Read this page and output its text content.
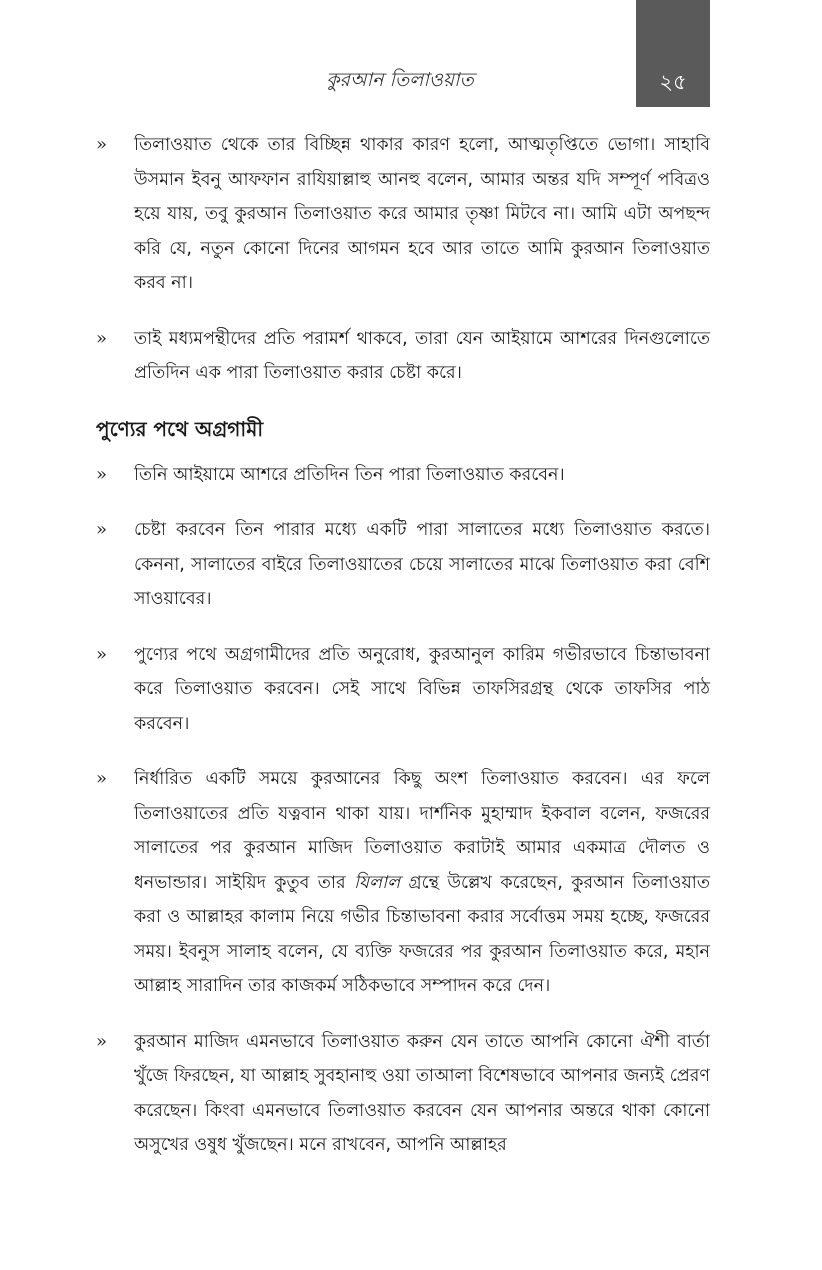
কুরআন তিলাওয়াত	২৫
»	তিলাওয়াত থেকে তার বিচ্ছিন্ন থাকার কারণ হলো, আত্মতৃপ্তিতে ভোগা। সাহাবি উসমান ইবনু আফফান রাযিয়াল্লাহু আনহু বলেন, আমার অন্তর যদি সম্পূর্ণ পবিত্রও হয়ে যায়, তবু কুরআন তিলাওয়াত করে আমার তৃষ্ণা মিটবে না। আমি এটা অপছন্দ করি যে, নতুন কোনো দিনের আগমন হবে আর তাতে আমি কুরআন তিলাওয়াত করব না।
»	তাই মধ্যমপন্থীদের প্রতি পরামর্শ থাকবে, তারা যেন আইয়ামে আশরের দিনগুলোতে প্রতিদিন এক পারা তিলাওয়াত করার চেষ্টা করে।
পুণ্যের পথে অগ্রগামী
»	তিনি আইয়ামে আশরে প্রতিদিন তিন পারা তিলাওয়াত করবেন।
»	চেষ্টা করবেন তিন পারার মধ্যে একটি পারা সালাতের মধ্যে তিলাওয়াত করতে। কেননা, সালাতের বাইরে তিলাওয়াতের চেয়ে সালাতের মাঝে তিলাওয়াত করা বেশি সাওয়াবের।
»	পুণ্যের পথে অগ্রগামীদের প্রতি অনুরোধ, কুরআনুল কারিম গভীরভাবে চিন্তাভাবনা করে তিলাওয়াত করবেন। সেই সাথে বিভিন্ন তাফসিরগ্রন্থ থেকে তাফসির পাঠ করবেন।
»	নির্ধারিত একটি সময়ে কুরআনের কিছু অংশ তিলাওয়াত করবেন। এর ফলে তিলাওয়াতের প্রতি যত্নবান থাকা যায়। দার্শনিক মুহাম্মাদ ইকবাল বলেন, ফজরের সালাতের পর কুরআন মাজিদ তিলাওয়াত করাটাই আমার একমাত্র দৌলত ও ধনভান্ডার। সাইয়িদ কুতুব তার যিলাল গ্রন্থে উল্লেখ করেছেন, কুরআন তিলাওয়াত করা ও আল্লাহর কালাম নিয়ে গভীর চিন্তাভাবনা করার সর্বোত্তম সময় হচ্ছে, ফজরের সময়। ইবনুস সালাহ বলেন, যে ব্যক্তি ফজরের পর কুরআন তিলাওয়াত করে, মহান আল্লাহ সারাদিন তার কাজকর্ম সঠিকভাবে সম্পাদন করে দেন।
»	কুরআন মাজিদ এমনভাবে তিলাওয়াত করুন যেন তাতে আপনি কোনো ঐশী বার্তা খুঁজে ফিরছেন, যা আল্লাহ সুবহানাহু ওয়া তাআলা বিশেষভাবে আপনার জন্যই প্রেরণ করেছেন। কিংবা এমনভাবে তিলাওয়াত করবেন যেন আপনার অন্তরে থাকা কোনো অসুখের ওষুধ খুঁজছেন। মনে রাখবেন, আপনি আল্লাহর
